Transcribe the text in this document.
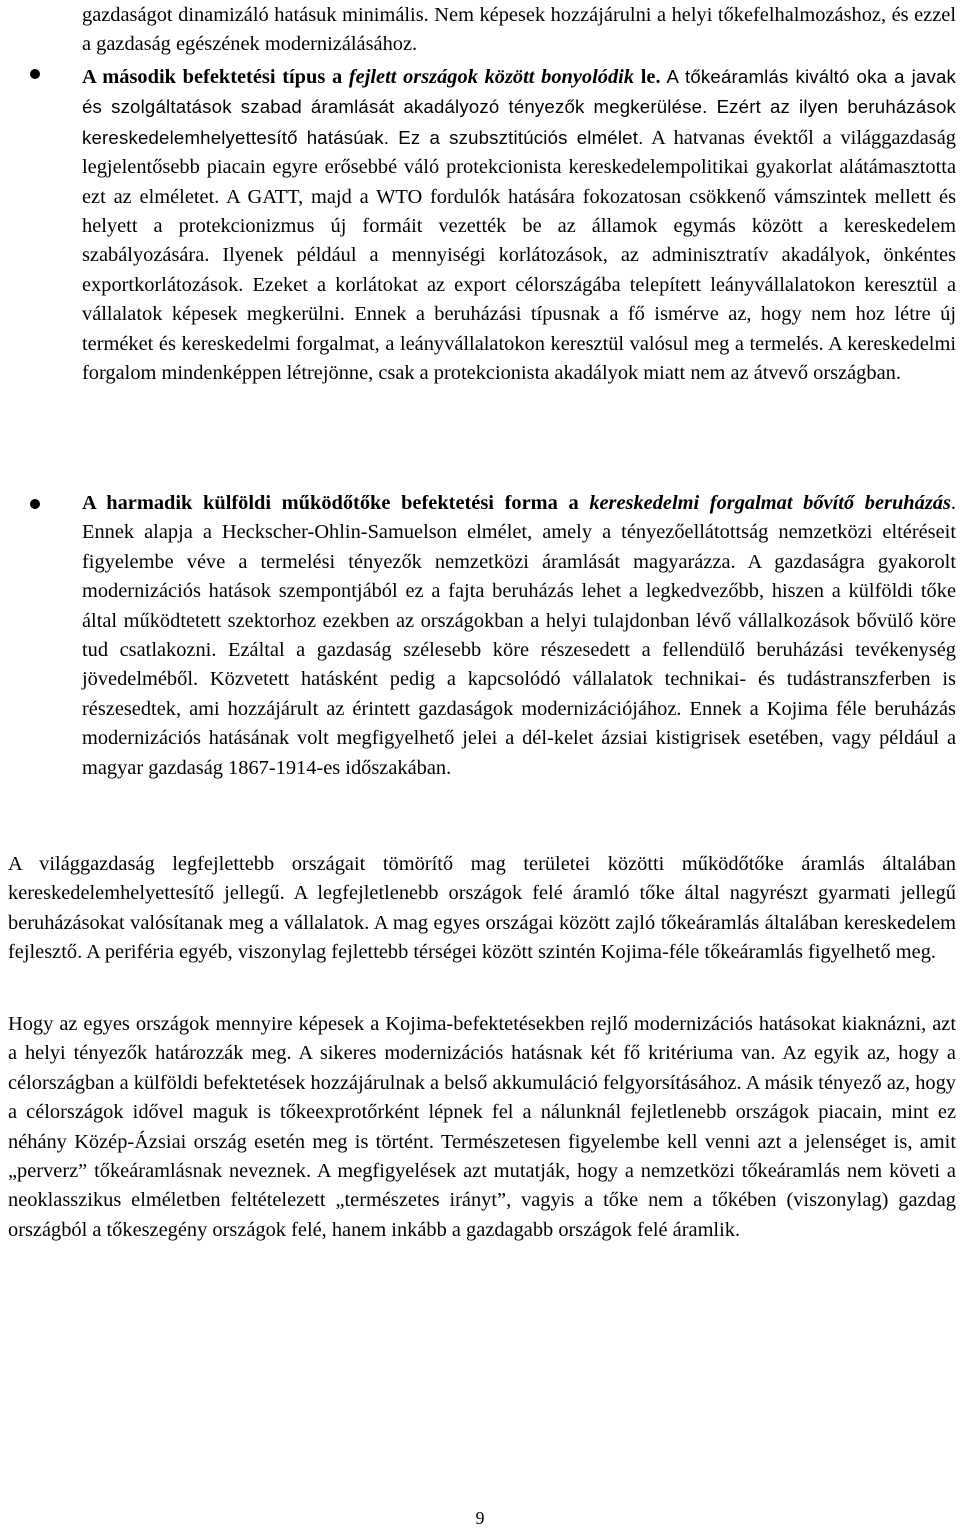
gazdaságot dinamizáló hatásuk minimális. Nem képesek hozzájárulni a helyi tőkefelhalmozáshoz, és ezzel a gazdaság egészének modernizálásához.
A második befektetési típus a fejlett országok között bonyolódik le. A tőkeáramlás kiváltó oka a javak és szolgáltatások szabad áramlását akadályozó tényezők megkerülése. Ezért az ilyen beruházások kereskedelemhelyettesítő hatásúak. Ez a szubsztitúciós elmélet. A hatvanas évektől a világgazdaság legjelentősebb piacain egyre erősebbé váló protekcionista kereskedelempolitikai gyakorlat alátámasztotta ezt az elméletet. A GATT, majd a WTO fordulók hatására fokozatosan csökkenő vámszintek mellett és helyett a protekcionizmus új formáit vezették be az államok egymás között a kereskedelem szabályozására. Ilyenek például a mennyiségi korlátozások, az adminisztratív akadályok, önkéntes exportkorlátozások. Ezeket a korlátokat az export célországába telepített leányvállalatokon keresztül a vállalatok képesek megkerülni. Ennek a beruházási típusnak a fő ismérve az, hogy nem hoz létre új terméket és kereskedelmi forgalmat, a leányvállalatokon keresztül valósul meg a termelés. A kereskedelmi forgalom mindenképpen létrejönne, csak a protekcionista akadályok miatt nem az átvevő országban.
A harmadik külföldi működőtőke befektetési forma a kereskedelmi forgalmat bővítő beruházás. Ennek alapja a Heckscher-Ohlin-Samuelson elmélet, amely a tényezőellátottság nemzetközi eltéréseit figyelembe véve a termelési tényezők nemzetközi áramlását magyarázza. A gazdaságra gyakorolt modernizációs hatások szempontjából ez a fajta beruházás lehet a legkedvezőbb, hiszen a külföldi tőke által működtetett szektorhoz ezekben az országokban a helyi tulajdonban lévő vállalkozások bővülő köre tud csatlakozni. Ezáltal a gazdaság szélesebb köre részesedett a fellendülő beruházási tevékenység jövedelméből. Közvetett hatásként pedig a kapcsolódó vállalatok technikai- és tudástranszferben is részesedtek, ami hozzájárult az érintett gazdaságok modernizációjához. Ennek a Kojima féle beruházás modernizációs hatásának volt megfigyelhető jelei a dél-kelet ázsiai kistigrisek esetében, vagy például a magyar gazdaság 1867-1914-es időszakában.
A világgazdaság legfejlettebb országait tömörítő mag területei közötti működőtőke áramlás általában kereskedelemhelyettesítő jellegű. A legfejletlenebb országok felé áramló tőke által nagyrészt gyarmati jellegű beruházásokat valósítanak meg a vállalatok. A mag egyes országai között zajló tőkeáramlás általában kereskedelem fejlesztő. A periféria egyéb, viszonylag fejlettebb térségei között szintén Kojima-féle tőkeáramlás figyelhető meg.
Hogy az egyes országok mennyire képesek a Kojima-befektetésekben rejlő modernizációs hatásokat kiaknázni, azt a helyi tényezők határozzák meg. A sikeres modernizációs hatásnak két fő kritériuma van. Az egyik az, hogy a célországban a külföldi befektetések hozzájárulnak a belső akkumuláció felgyorsításához. A másik tényező az, hogy a célországok idővel maguk is tőkeexprotőrként lépnek fel a nálunknál fejletlenebb országok piacain, mint ez néhány Közép-Ázsiai ország esetén meg is történt. Természetesen figyelembe kell venni azt a jelenséget is, amit „perverz” tőkeáramlásnak neveznek. A megfigyelések azt mutatják, hogy a nemzetközi tőkeáramlás nem követi a neoklasszikus elméletben feltételezett „természetes irányt”, vagyis a tőke nem a tőkében (viszonylag) gazdag országból a tőkeszegény országok felé, hanem inkább a gazdagabb országok felé áramlik.
9
